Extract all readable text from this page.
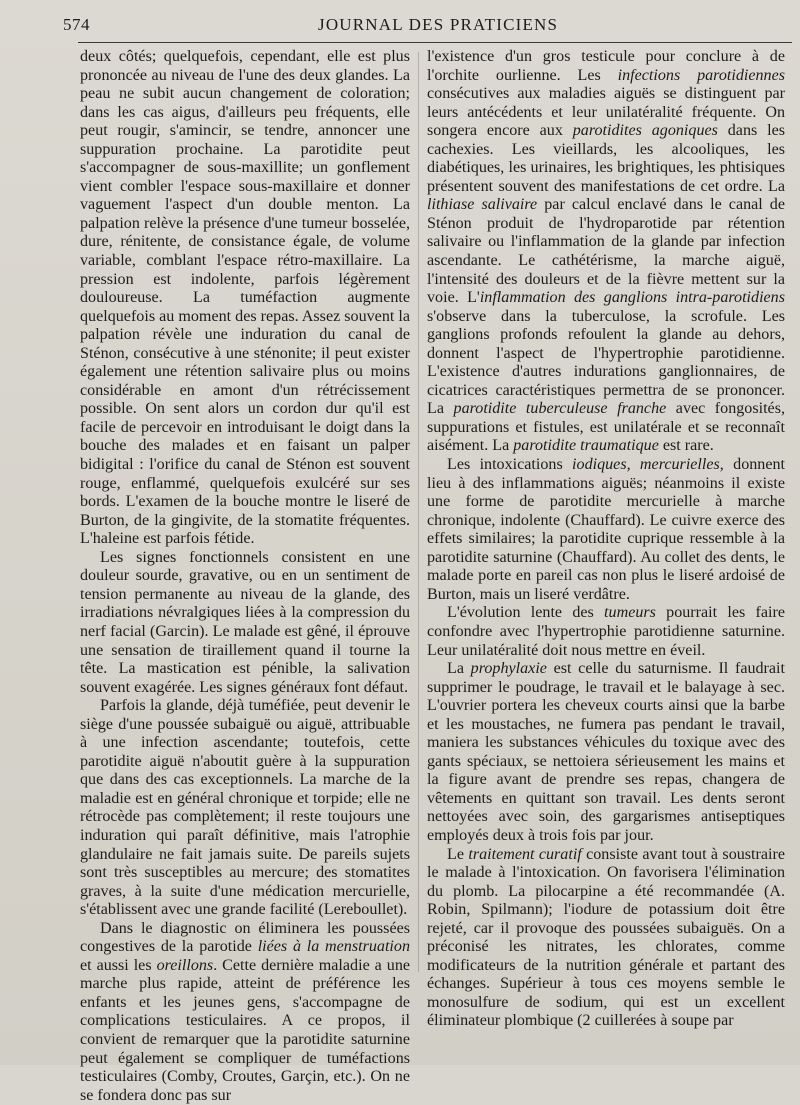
574	JOURNAL DES PRATICIENS

deux côtés; quelquefois, cependant, elle est plus prononcée au niveau de l'une des deux glandes. La peau ne subit aucun changement de coloration; dans les cas aigus, d'ailleurs peu fréquents, elle peut rougir, s'amincir, se tendre, annoncer une suppuration prochaine. La parotidite peut s'accompagner de sous-maxillite; un gonflement vient combler l'espace sous-maxillaire et donner vaguement l'aspect d'un double menton. La palpation relève la présence d'une tumeur bosselée, dure, rénitente, de consistance égale, de volume variable, comblant l'espace rétro-maxillaire. La pression est indolente, parfois légèrement douloureuse. La tuméfaction augmente quelquefois au moment des repas. Assez souvent la palpation révèle une induration du canal de Sténon, consécutive à une sténonite; il peut exister également une rétention salivaire plus ou moins considérable en amont d'un rétrécissement possible. On sent alors un cordon dur qu'il est facile de percevoir en introduisant le doigt dans la bouche des malades et en faisant un palper bidigital : l'orifice du canal de Sténon est souvent rouge, enflammé, quelquefois exulcéré sur ses bords. L'examen de la bouche montre le liseré de Burton, de la gingivite, de la stomatite fréquentes. L'haleine est parfois fétide.

Les signes fonctionnels consistent en une douleur sourde, gravative, ou en un sentiment de tension permanente au niveau de la glande, des irradiations névralgiques liées à la compression du nerf facial (Garcin). Le malade est gêné, il éprouve une sensation de tiraillement quand il tourne la tête. La mastication est pénible, la salivation souvent exagérée. Les signes généraux font défaut.

Parfois la glande, déjà tuméfiée, peut devenir le siège d'une poussée subaiguë ou aiguë, attribuable à une infection ascendante; toutefois, cette parotidite aiguë n'aboutit guère à la suppuration que dans des cas exceptionnels. La marche de la maladie est en général chronique et torpide; elle ne rétrocède pas complètement; il reste toujours une induration qui paraît définitive, mais l'atrophie glandulaire ne fait jamais suite. De pareils sujets sont très susceptibles au mercure; des stomatites graves, à la suite d'une médication mercurielle, s'établissent avec une grande facilité (Lereboullet).

Dans le diagnostic on éliminera les poussées congestives de la parotide liées à la menstruation et aussi les oreillons. Cette dernière maladie a une marche plus rapide, atteint de préférence les enfants et les jeunes gens, s'accompagne de complications testiculaires. A ce propos, il convient de remarquer que la parotidite saturnine peut également se compliquer de tuméfactions testiculaires (Comby, Croutes, Garçin, etc.). On ne se fondera donc pas sur

l'existence d'un gros testicule pour conclure à de l'orchite ourlienne. Les infections parotidiennes consécutives aux maladies aiguës se distinguent par leurs antécédents et leur unilatéralité fréquente. On songera encore aux parotidites agoniques dans les cachexies. Les vieillards, les alcooliques, les diabétiques, les urinaires, les brightiques, les phtisiques présentent souvent des manifestations de cet ordre. La lithiase salivaire par calcul enclavé dans le canal de Sténon produit de l'hydroparotide par rétention salivaire ou l'inflammation de la glande par infection ascendante. Le cathétérisme, la marche aiguë, l'intensité des douleurs et de la fièvre mettent sur la voie. L'inflammation des ganglions intra-parotidiens s'observe dans la tuberculose, la scrofule. Les ganglions profonds refoulent la glande au dehors, donnent l'aspect de l'hypertrophie parotidienne. L'existence d'autres indurations ganglionnaires, de cicatrices caractéristiques permettra de se prononcer. La parotidite tuberculeuse franche avec fongosités, suppurations et fistules, est unilatérale et se reconnaît aisément. La parotidite traumatique est rare.

Les intoxications iodiques, mercurielles, donnent lieu à des inflammations aiguës; néanmoins il existe une forme de parotidite mercurielle à marche chronique, indolente (Chauffard). Le cuivre exerce des effets similaires; la parotidite cuprique ressemble à la parotidite saturnine (Chauffard). Au collet des dents, le malade porte en pareil cas non plus le liseré ardoisé de Burton, mais un liseré verdâtre.

L'évolution lente des tumeurs pourrait les faire confondre avec l'hypertrophie parotidienne saturnine. Leur unilatéralité doit nous mettre en éveil.

La prophylaxie est celle du saturnisme. Il faudrait supprimer le poudrage, le travail et le balayage à sec. L'ouvrier portera les cheveux courts ainsi que la barbe et les moustaches, ne fumera pas pendant le travail, maniera les substances véhicules du toxique avec des gants spéciaux, se nettoiera sérieusement les mains et la figure avant de prendre ses repas, changera de vêtements en quittant son travail. Les dents seront nettoyées avec soin, des gargarismes antiseptiques employés deux à trois fois par jour.

Le traitement curatif consiste avant tout à soustraire le malade à l'intoxication. On favorisera l'élimination du plomb. La pilocarpine a été recommandée (A. Robin, Spilmann); l'iodure de potassium doit être rejeté, car il provoque des poussées subaiguës. On a préconisé les nitrates, les chlorates, comme modificateurs de la nutrition générale et partant des échanges. Supérieur à tous ces moyens semble le monosulfure de sodium, qui est un excellent éliminateur plombique (2 cuillerées à soupe par
